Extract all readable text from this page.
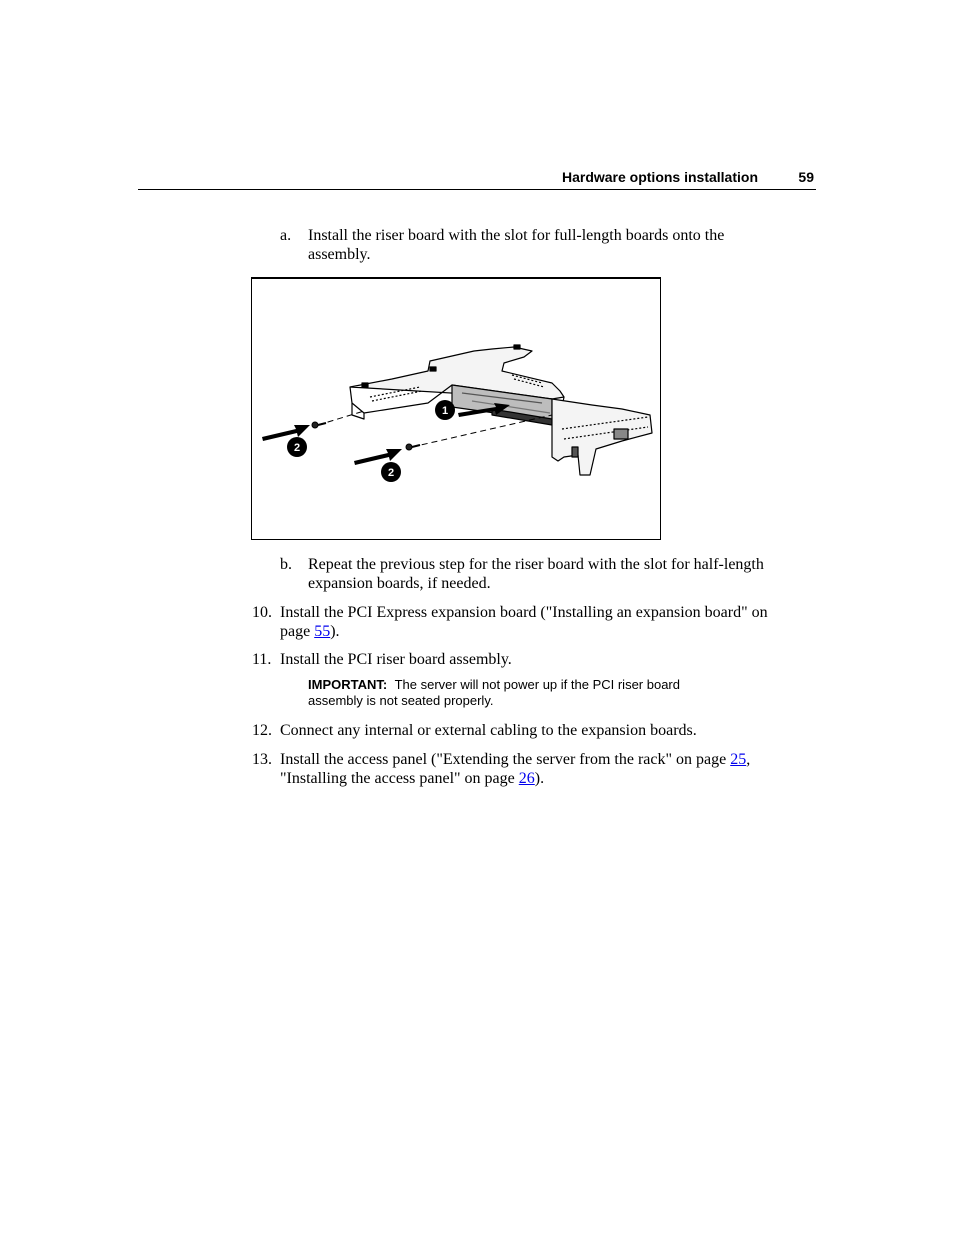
Hardware options installation	59
a. Install the riser board with the slot for full-length boards onto the
assembly.
1
2
2
b. Repeat the previous step for the riser board with the slot for half-length
expansion boards, if needed.
10. Install the PCI Express expansion board ("Installing an expansion board" on
page 55).
11. Install the PCI riser board assembly.
IMPORTANT: The server will not power up if the PCI riser board
assembly is not seated properly.
12. Connect any internal or external cabling to the expansion boards.
13. Install the access panel ("Extending the server from the rack" on page 25,
"Installing the access panel" on page 26).
